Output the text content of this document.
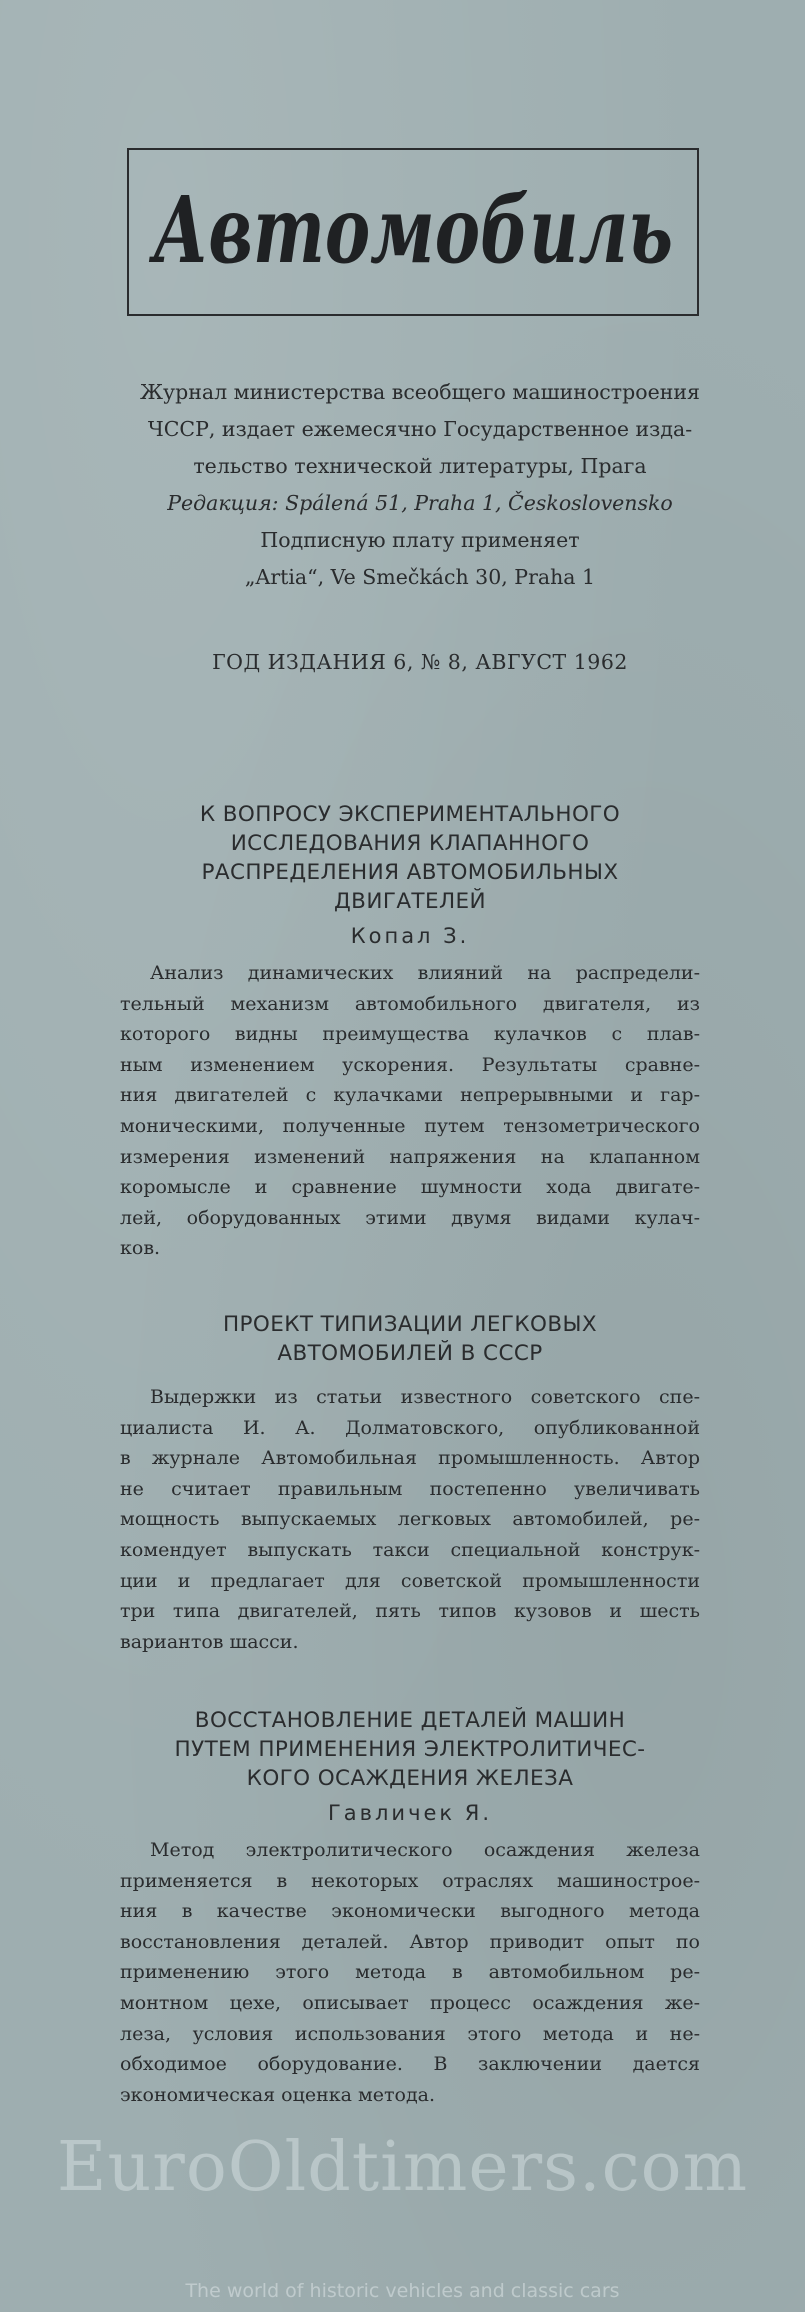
Автомобиль
Журнал министерства всеобщего машиностроения
ЧССР, издает ежемесячно Государственное изда-
тельство технической литературы, Прага
Редакция: Spálená 51, Praha 1, Československo
Подписную плату применяет
„Artia“, Ve Smečkách 30, Praha 1
ГОД ИЗДАНИЯ 6, № 8, АВГУСТ 1962
К ВОПРОСУ ЭКСПЕРИМЕНТАЛЬНОГО
ИССЛЕДОВАНИЯ КЛАПАННОГО
РАСПРЕДЕЛЕНИЯ АВТОМОБИЛЬНЫХ
ДВИГАТЕЛЕЙ
Копал З.
Анализ динамических влияний на распредели-
тельный механизм автомобильного двигателя, из
которого видны преимущества кулачков с плав-
ным изменением ускорения. Результаты сравне-
ния двигателей с кулачками непрерывными и гар-
моническими, полученные путем тензометрического
измерения изменений напряжения на клапанном
коромысле и сравнение шумности хода двигате-
лей, оборудованных этими двумя видами кулач-
ков.
ПРОЕКТ ТИПИЗАЦИИ ЛЕГКОВЫХ
АВТОМОБИЛЕЙ В СССР
Выдержки из статьи известного советского спе-
циалиста И. А. Долматовского, опубликованной
в журнале Автомобильная промышленность. Автор
не считает правильным постепенно увеличивать
мощность выпускаемых легковых автомобилей, ре-
комендует выпускать такси специальной конструк-
ции и предлагает для советской промышленности
три типа двигателей, пять типов кузовов и шесть
вариантов шасси.
ВОССТАНОВЛЕНИЕ ДЕТАЛЕЙ МАШИН
ПУТЕМ ПРИМЕНЕНИЯ ЭЛЕКТРОЛИТИЧЕС-
КОГО ОСАЖДЕНИЯ ЖЕЛЕЗА
Гавличек Я.
Метод электролитического осаждения железа
применяется в некоторых отраслях машинострое-
ния в качестве экономически выгодного метода
восстановления деталей. Автор приводит опыт по
применению этого метода в автомобильном ре-
монтном цехе, описывает процесс осаждения же-
леза, условия использования этого метода и не-
обходимое оборудование. В заключении дается
экономическая оценка метода.
EuroOldtimers.com
The world of historic vehicles and classic cars
